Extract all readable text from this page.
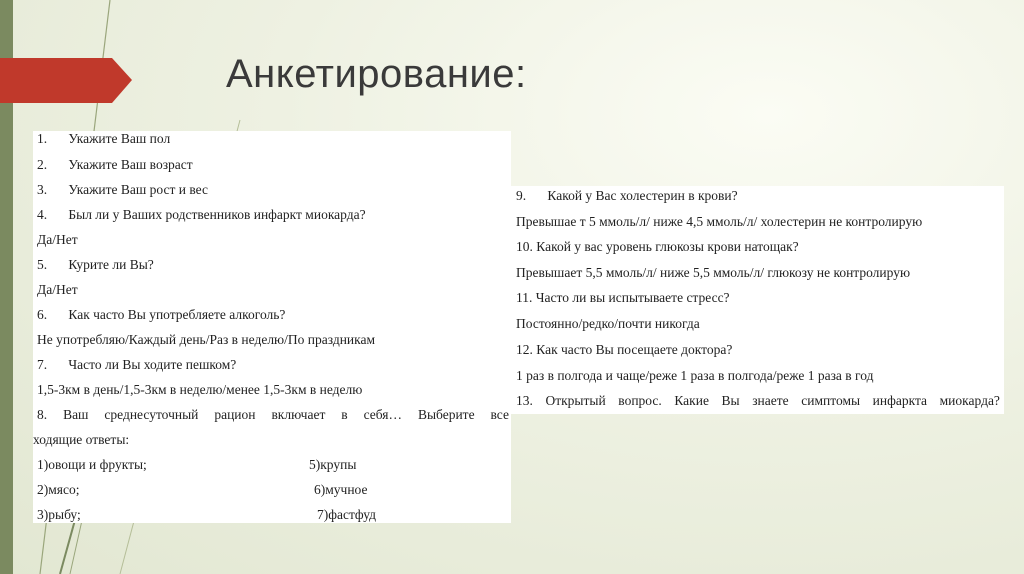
Анкетирование:
1. Укажите Ваш пол
2. Укажите Ваш возраст
3. Укажите Ваш рост и вес
4. Был ли у Ваших родственников инфаркт миокарда?
Да/Нет
5. Курите ли Вы?
Да/Нет
6. Как часто Вы употребляете алкоголь?
Не употребляю/Каждый день/Раз в неделю/По праздникам
7. Часто ли Вы ходите пешком?
1,5-3км в день/1,5-3км в неделю/менее 1,5-3км в неделю
8. Ваш среднесуточный рацион включает в себя… Выберите все
ходящие ответы:
1)овощи и фрукты;	5)крупы
2)мясо;	6)мучное
3)рыбу;	7)фастфуд
9. Какой у Вас холестерин в крови?
Превышае т 5 ммоль/л/ ниже 4,5 ммоль/л/ холестерин не контролирую
10. Какой у вас уровень глюкозы крови натощак?
Превышает 5,5 ммоль/л/ ниже 5,5 ммоль/л/ глюкозу не контролирую
11. Часто ли вы испытываете стресс?
Постоянно/редко/почти никогда
12. Как часто Вы посещаете доктора?
1 раз в полгода и чаще/реже 1 раза в полгода/реже 1 раза в год
13. Открытый вопрос. Какие Вы знаете симптомы инфаркта миокарда?
